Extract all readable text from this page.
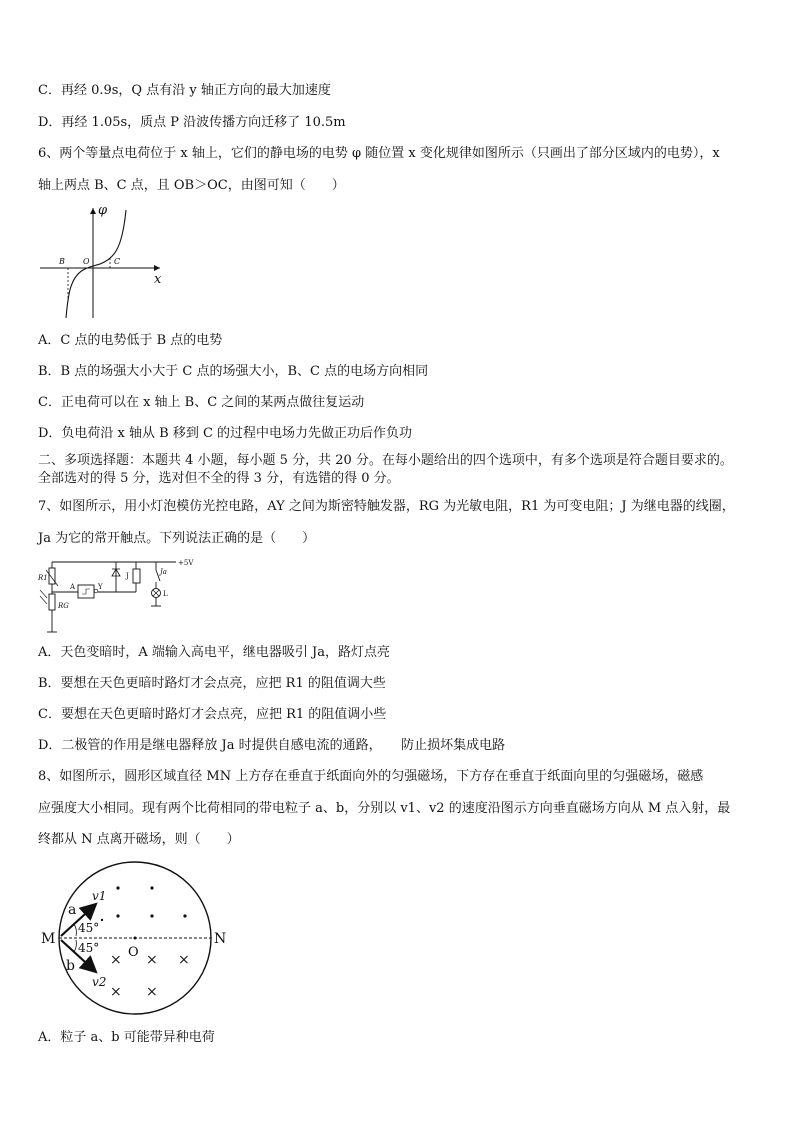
C．再经 0.9s，Q 点有沿 y 轴正方向的最大加速度
D．再经 1.05s，质点 P 沿波传播方向迁移了 10.5m
6、两个等量点电荷位于 x 轴上，它们的静电场的电势 φ 随位置 x 变化规律如图所示（只画出了部分区域内的电势），x
轴上两点 B、C 点，且 OB＞OC，由图可知（　　）
φ
x
B O	C
A．C 点的电势低于 B 点的电势
B．B 点的场强大小大于 C 点的场强大小，B、C 点的电场方向相同
C．正电荷可以在 x 轴上 B、C 之间的某两点做往复运动
D．负电荷沿 x 轴从 B 移到 C 的过程中电场力先做正功后作负功
二、多项选择题：本题共 4 小题，每小题 5 分，共 20 分。在每小题给出的四个选项中，有多个选项是符合题目要求的。
全部选对的得 5 分，选对但不全的得 3 分，有选错的得 0 分。
7、如图所示，用小灯泡模仿光控电路，AY 之间为斯密特触发器，RG 为光敏电阻，R1 为可变电阻；J 为继电器的线圈，
Ja 为它的常开触点。下列说法正确的是（　　）
+5V
R1
RG
A	Y
J	Ja
L
A．天色变暗时，A 端输入高电平，继电器吸引 Ja，路灯点亮
B．要想在天色更暗时路灯才会点亮，应把 R1 的阻值调大些
C．要想在天色更暗时路灯才会点亮，应把 R1 的阻值调小些
D．二极管的作用是继电器释放 Ja 时提供自感电流的通路，　　防止损坏集成电路
8、如图所示，圆形区域直径 MN 上方存在垂直于纸面向外的匀强磁场，下方存在垂直于纸面向里的匀强磁场，磁感
应强度大小相同。现有两个比荷相同的带电粒子 a、b，分别以 v1、v2 的速度沿图示方向垂直磁场方向从 M 点入射，最
终都从 N 点离开磁场，则（　　）
M	N
O
× × ×
× ×
a
b
v1
v2
45°
45°
A．粒子 a、b 可能带异种电荷
